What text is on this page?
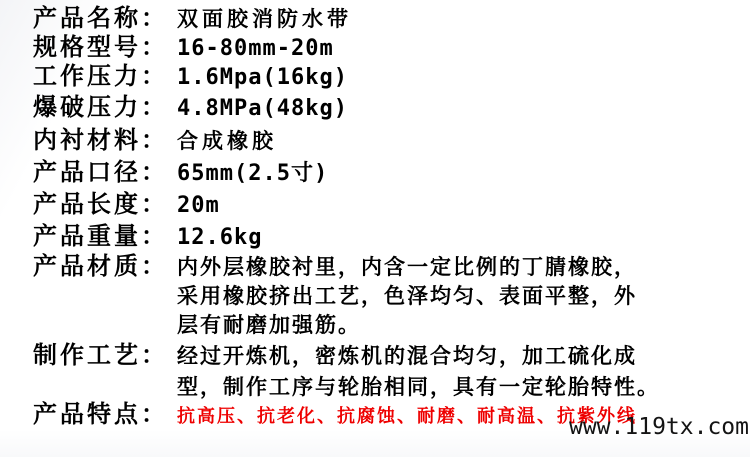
产品名称： 双面胶消防水带
规格型号： 16-80mm-20m
工作压力： 1.6Mpa(16kg)
爆破压力： 4.8MPa(48kg)
内衬材料： 合成橡胶
产品口径： 65mm(2.5寸)
产品长度： 20m
产品重量： 12.6kg
产品材质： 内外层橡胶衬里，内含一定比例的丁腈橡胶，
采用橡胶挤出工艺，色泽均匀、表面平整，外
层有耐磨加强筋。
制作工艺： 经过开炼机，密炼机的混合均匀，加工硫化成
型，制作工序与轮胎相同，具有一定轮胎特性。
产品特点： 抗高压、抗老化、抗腐蚀、耐磨、耐高温、抗紫外线
www.119tx.com
